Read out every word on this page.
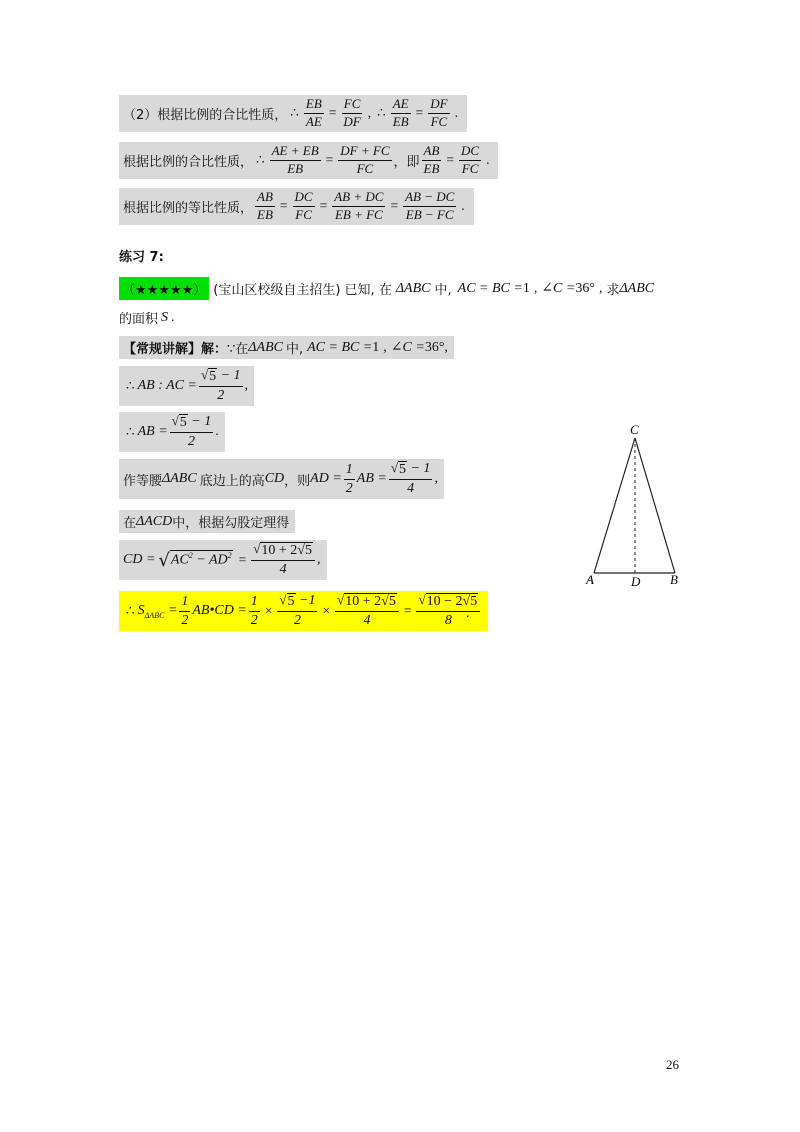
（2）根据比例的合比性质， ∴ $\frac{EB}{AE} = \frac{FC}{DF}$ , ∴ $\frac{AE}{EB} = \frac{DF}{FC}$ .
根据比例的合比性质， ∴ $\frac{AE + EB}{EB} = \frac{DF + FC}{FC}$ ，即 $\frac{AB}{EB} = \frac{DC}{FC}$ .
根据比例的等比性质， $\frac{AB}{EB} = \frac{DC}{FC} = \frac{AB + DC}{EB + FC} = \frac{AB - DC}{EB - FC}$ .
练习 7:
（★★★★★） (宝山区校级自主招生) 已知, 在 ΔABC 中, AC = BC = 1 , ∠C = 36° , 求 ΔABC
的面积 S .
【常规讲解】解： ∵在 ΔABC 中, AC = BC = 1 , ∠C = 36° ,
∴ AB : AC = $\frac{√ 5 - 1}{2}$ ,
∴ AB = $\frac{√ 5 - 1}{2}$ .
作等腰 ΔABC 底边上的高 CD ，则 AD = $\frac{1}{2}$ AB = $\frac{√ 5 - 1}{4}$ ,
在 ΔACD 中，根据勾股定理得
CD = √ $AC^2 - AD^2 = \frac{√ 10 + 2√5}{4}$ ,
∴ $S_{\Delta ABC} = \frac{1}{2}$ AB•CD = $\frac{1}{2} \times \frac{√ 5 -1}{2} \times \frac{√ 10 + 2√5}{4} = \frac{√ 10 - 2√5}{8}$
.
C
A	D B
26
